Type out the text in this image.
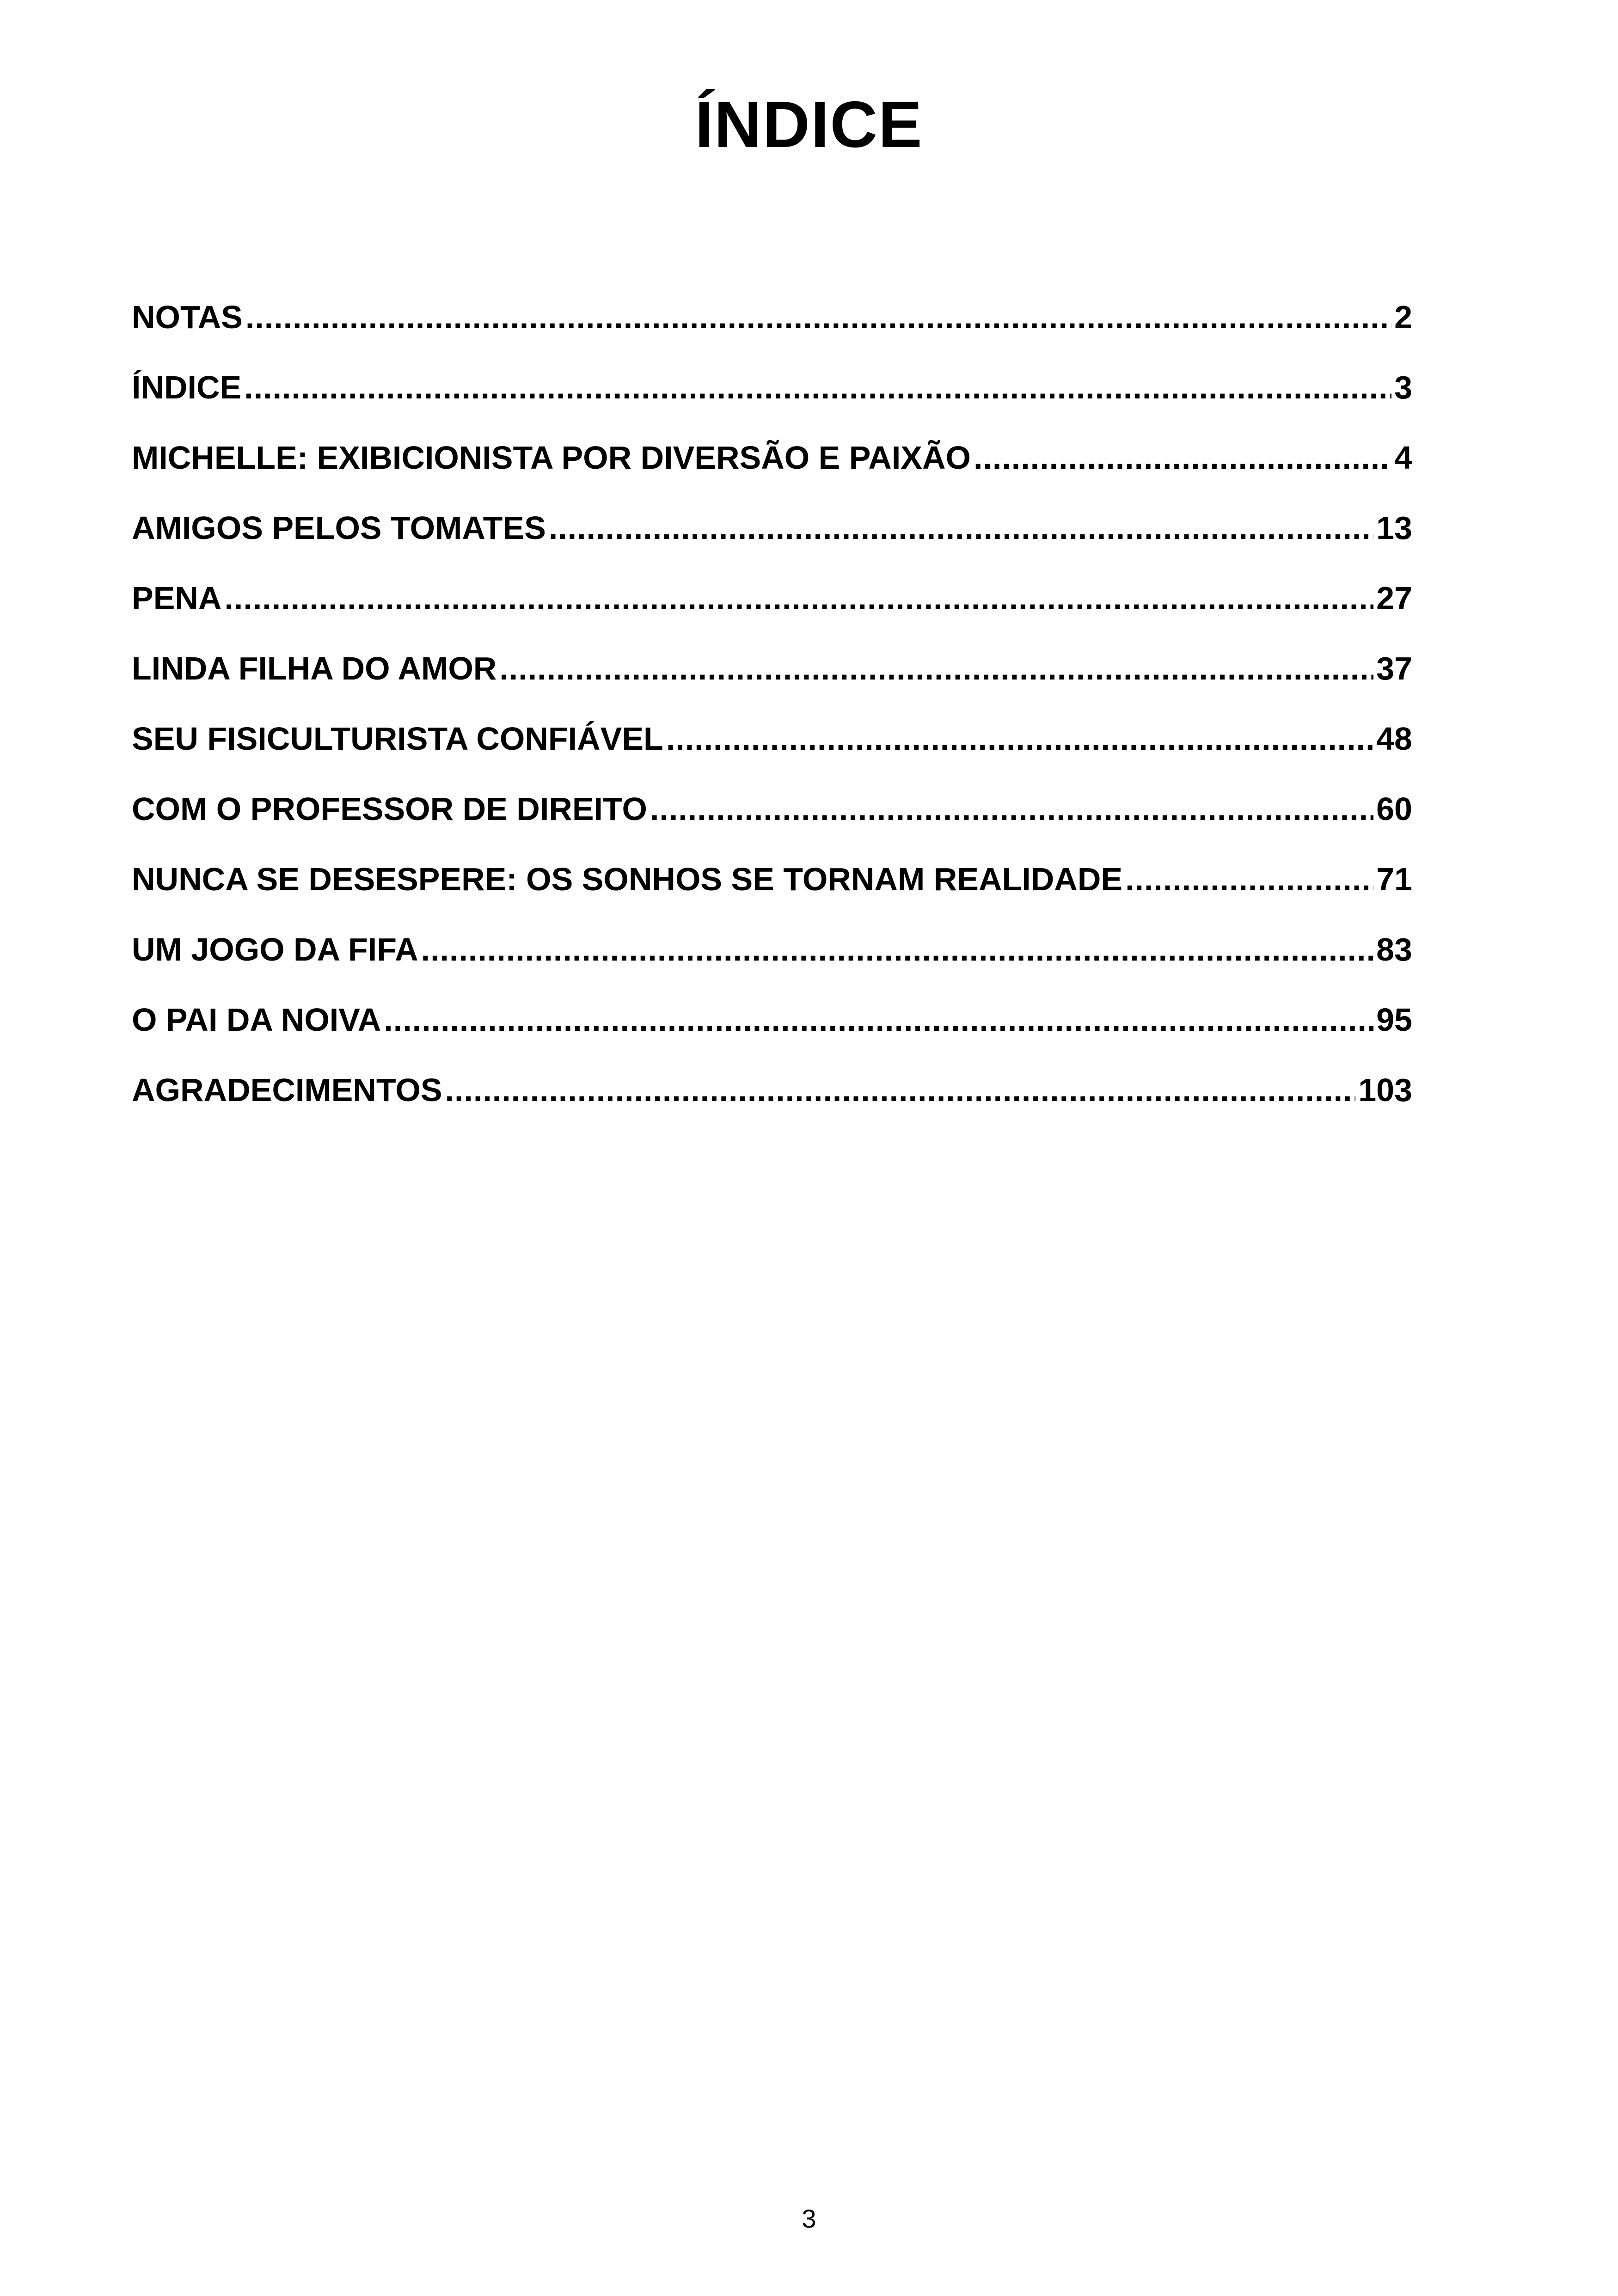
ÍNDICE
NOTAS .....	2
ÍNDICE .....	3
MICHELLE: EXIBICIONISTA POR DIVERSÃO E PAIXÃO .....	4
AMIGOS PELOS TOMATES .....	13
PENA .....	27
LINDA FILHA DO AMOR .....	37
SEU FISICULTURISTA CONFIÁVEL .....	48
COM O PROFESSOR DE DIREITO .....	60
NUNCA SE DESESPERE: OS SONHOS SE TORNAM REALIDADE .....	71
UM JOGO DA FIFA .....	83
O PAI DA NOIVA .....	95
AGRADECIMENTOS .....	103
3
